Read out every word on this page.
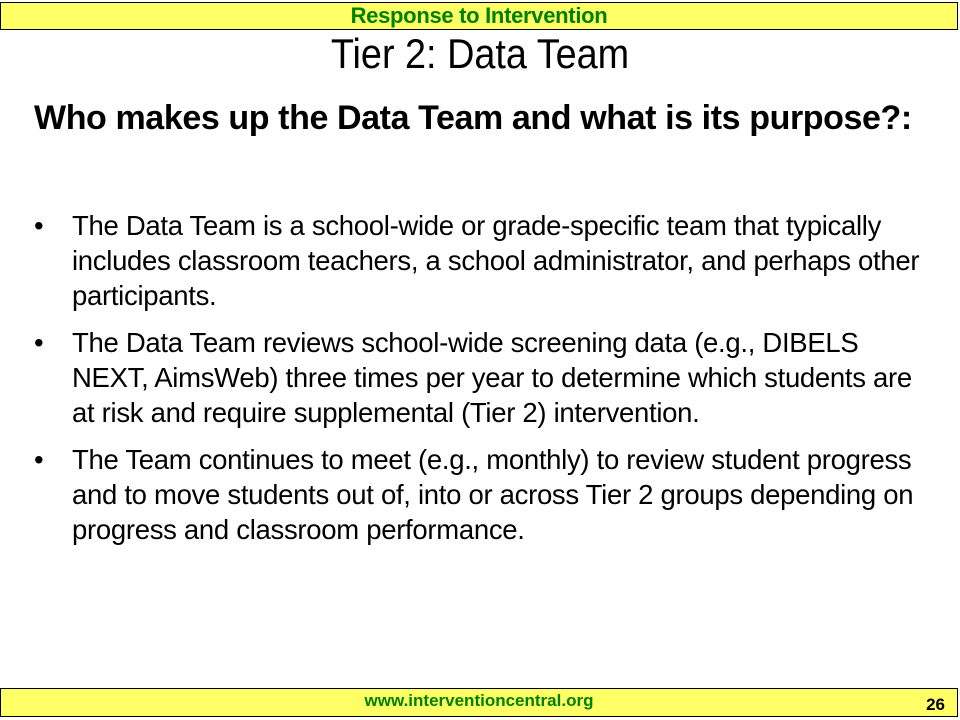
Response to Intervention
Tier 2: Data Team
Who makes up the Data Team and what is its purpose?:
• The Data Team is a school-wide or grade-specific team that typically includes classroom teachers, a school administrator, and perhaps other participants.
• The Data Team reviews school-wide screening data (e.g., DIBELS NEXT, AimsWeb) three times per year to determine which students are at risk and require supplemental (Tier 2) intervention.
• The Team continues to meet (e.g., monthly) to review student progress and to move students out of, into or across Tier 2 groups depending on progress and classroom performance.
www.interventioncentral.org	26
